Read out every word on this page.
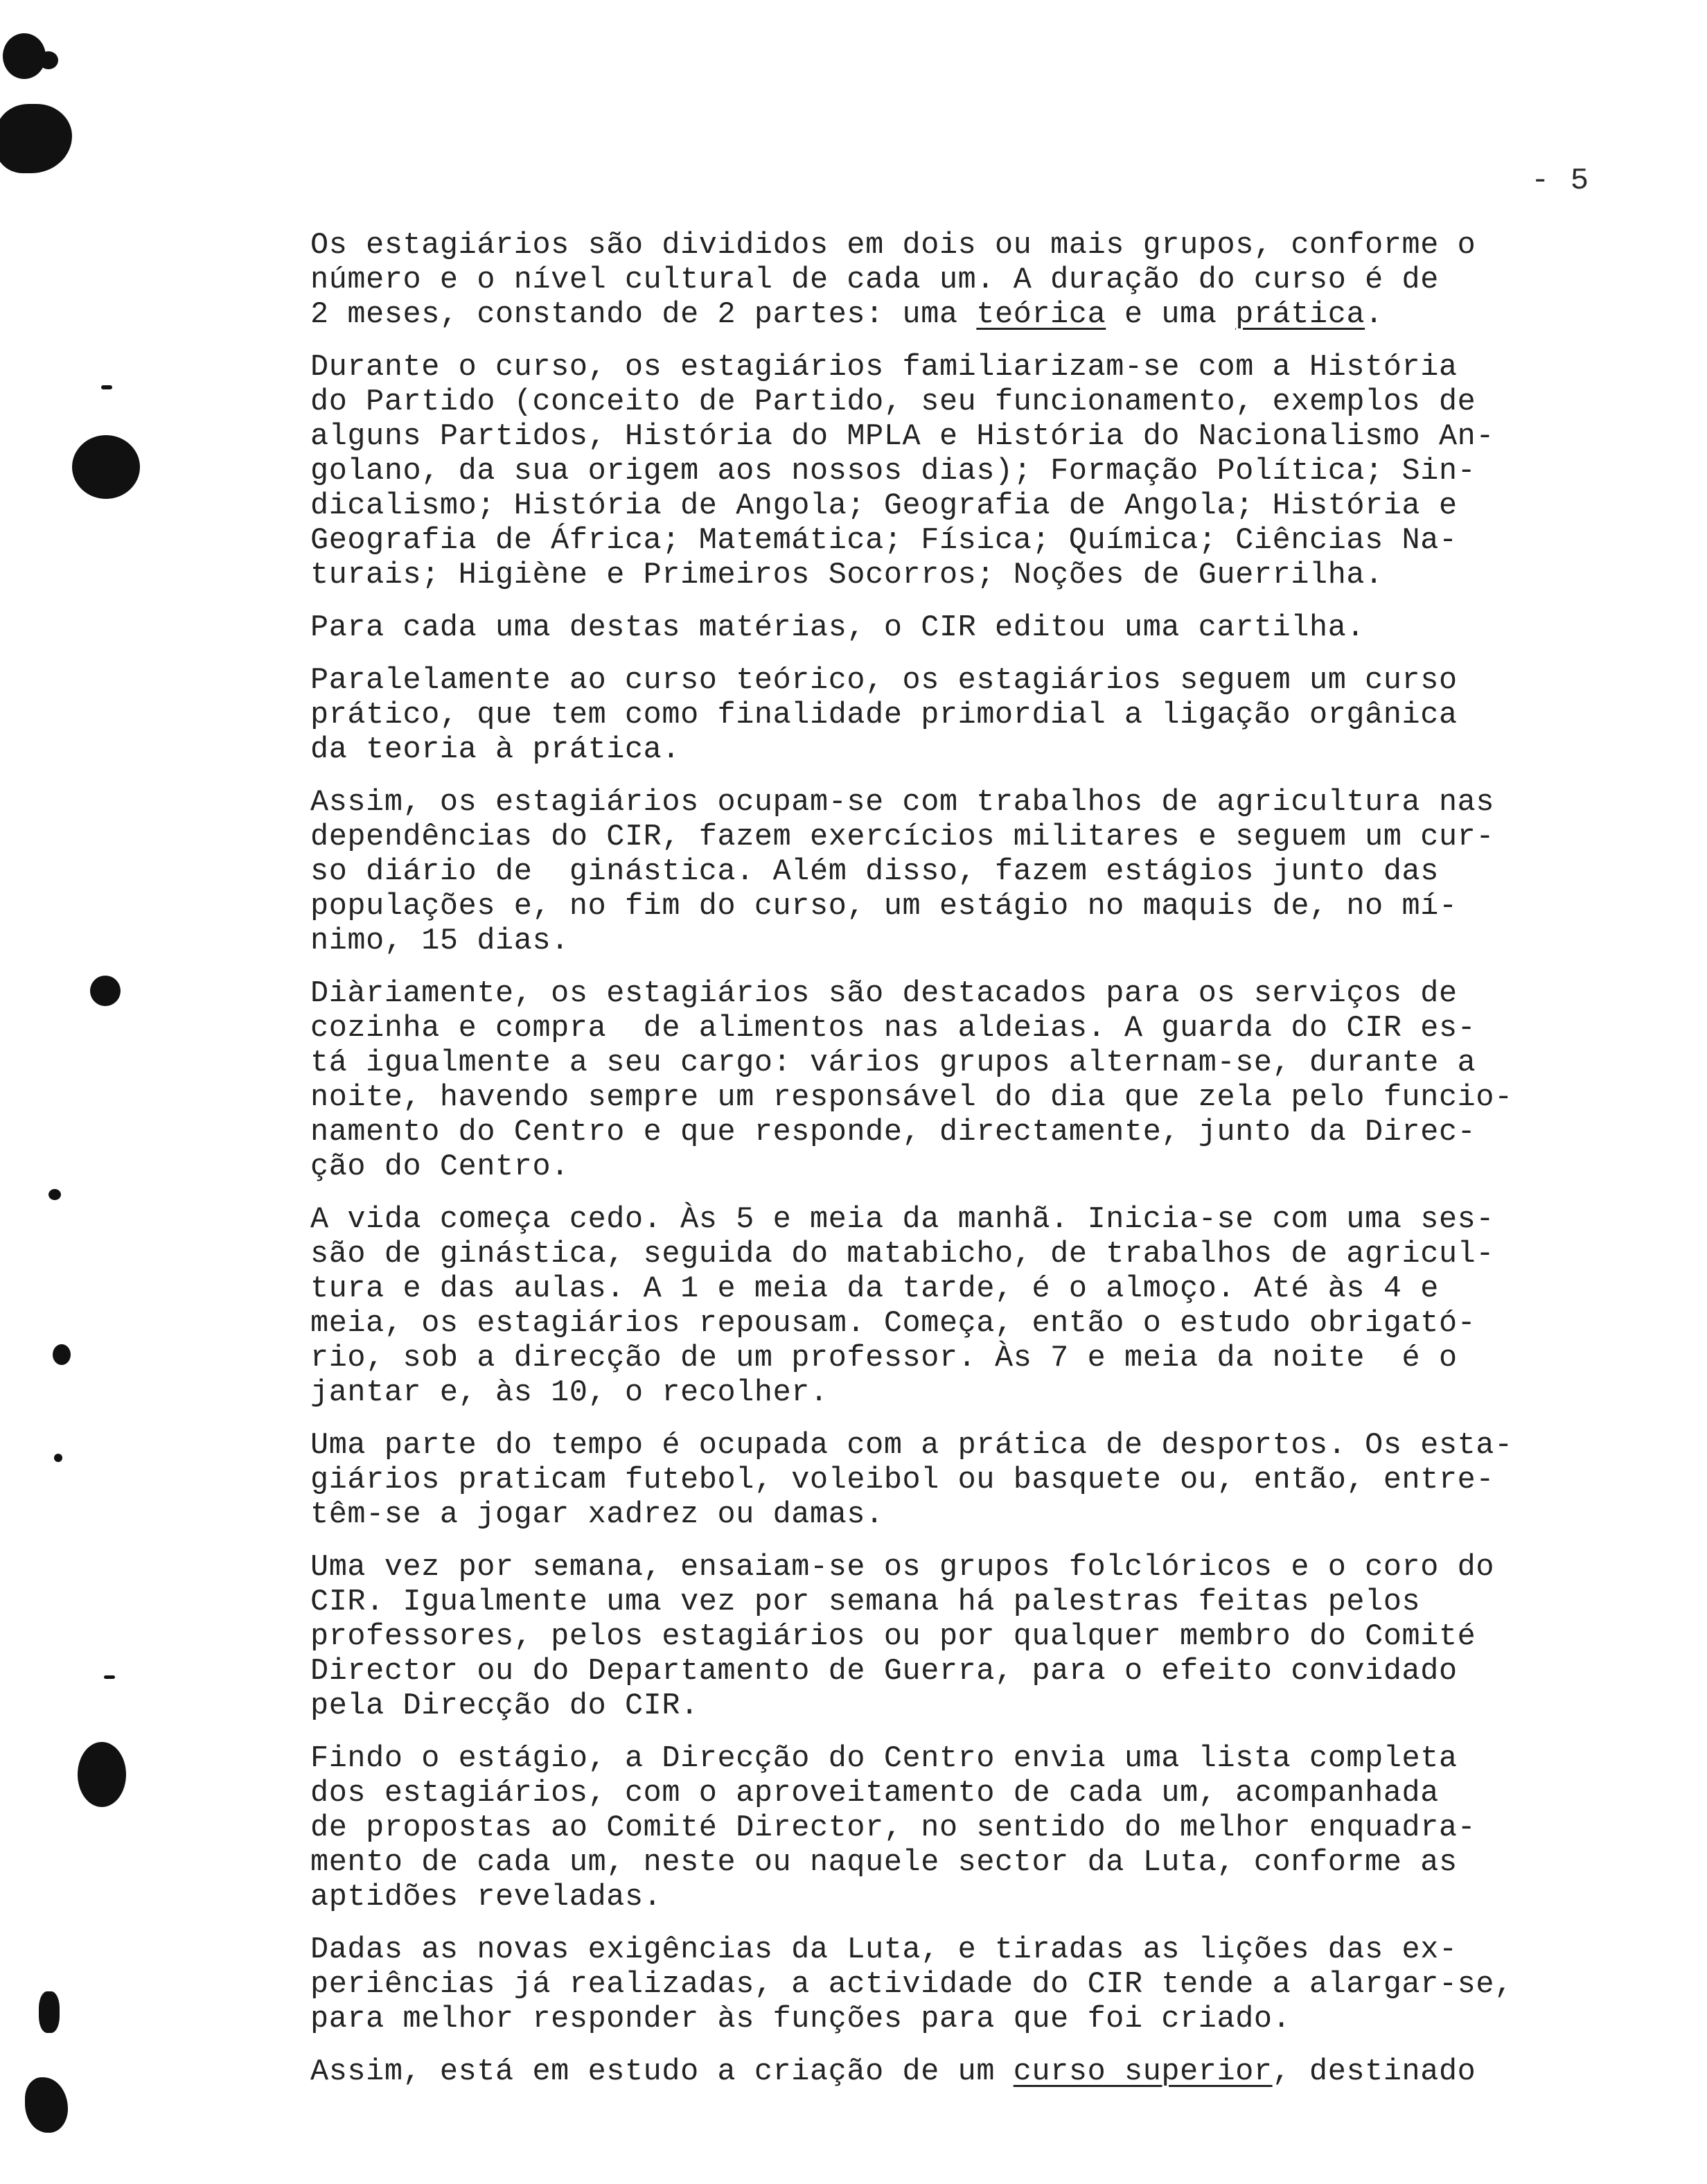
- 5
Os estagiários são divididos em dois ou mais grupos, conforme o
número e o nível cultural de cada um. A duração do curso é de
2 meses, constando de 2 partes: uma teórica e uma prática.
Durante o curso, os estagiários familiarizam-se com a História
do Partido (conceito de Partido, seu funcionamento, exemplos de
alguns Partidos, História do MPLA e História do Nacionalismo An-
golano, da sua origem aos nossos dias); Formação Política; Sin-
dicalismo; História de Angola; Geografia de Angola; História e
Geografia de África; Matemática; Física; Química; Ciências Na-
turais; Higiène e Primeiros Socorros; Noções de Guerrilha.
Para cada uma destas matérias, o CIR editou uma cartilha.
Paralelamente ao curso teórico, os estagiários seguem um curso
prático, que tem como finalidade primordial a ligação orgânica
da teoria à prática.
Assim, os estagiários ocupam-se com trabalhos de agricultura nas
dependências do CIR, fazem exercícios militares e seguem um cur-
so diário de  ginástica. Além disso, fazem estágios junto das
populações e, no fim do curso, um estágio no maquis de, no mí-
nimo, 15 dias.
Diàriamente, os estagiários são destacados para os serviços de
cozinha e compra  de alimentos nas aldeias. A guarda do CIR es-
tá igualmente a seu cargo: vários grupos alternam-se, durante a
noite, havendo sempre um responsável do dia que zela pelo funcio-
namento do Centro e que responde, directamente, junto da Direc-
ção do Centro.
A vida começa cedo. Às 5 e meia da manhã. Inicia-se com uma ses-
são de ginástica, seguida do matabicho, de trabalhos de agricul-
tura e das aulas. A 1 e meia da tarde, é o almoço. Até às 4 e
meia, os estagiários repousam. Começa, então o estudo obrigató-
rio, sob a direcção de um professor. Às 7 e meia da noite  é o
jantar e, às 10, o recolher.
Uma parte do tempo é ocupada com a prática de desportos. Os esta-
giários praticam futebol, voleibol ou basquete ou, então, entre-
têm-se a jogar xadrez ou damas.
Uma vez por semana, ensaiam-se os grupos folclóricos e o coro do
CIR. Igualmente uma vez por semana há palestras feitas pelos
professores, pelos estagiários ou por qualquer membro do Comité
Director ou do Departamento de Guerra, para o efeito convidado
pela Direcção do CIR.
Findo o estágio, a Direcção do Centro envia uma lista completa
dos estagiários, com o aproveitamento de cada um, acompanhada
de propostas ao Comité Director, no sentido do melhor enquadra-
mento de cada um, neste ou naquele sector da Luta, conforme as
aptidões reveladas.
Dadas as novas exigências da Luta, e tiradas as lições das ex-
periências já realizadas, a actividade do CIR tende a alargar-se,
para melhor responder às funções para que foi criado.
Assim, está em estudo a criação de um curso superior, destinado
